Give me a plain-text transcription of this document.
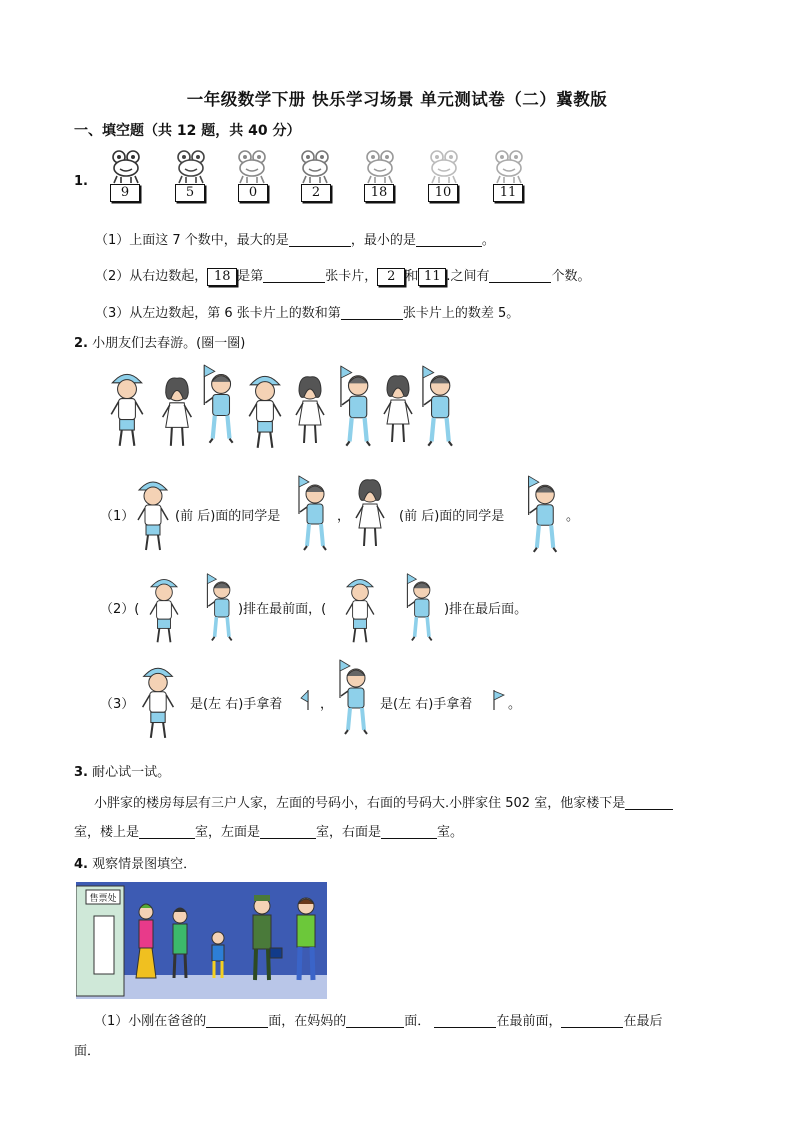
一年级数学下册 快乐学习场景 单元测试卷（二）冀教版
一、填空题（共 12 题，共 40 分）
1.
9	5	0	2	18	10	11
（1）上面这 7 个数中，最大的是	，最小的是	。
（2）从右边数起， 18 是第	张卡片， 2 和 11 .之间有	个数。
（3）从左边数起，第 6 张卡片上的数和第	张卡片上的数差 5。
2. 小朋友们去春游。(圈一圈)
（1）	(前 后)面的同学是	，	(前 后)面的同学是	。
（2）(	)排在最前面，(	)排在最后面。
（3）	是(左 右)手拿着	，	是(左 右)手拿着	。
3. 耐心试一试。
小胖家的楼房每层有三户人家，左面的号码小，右面的号码大.小胖家住 502 室，他家楼下是
室，楼上是	室，左面是	室，右面是	室。
4. 观察情景图填空．
售票处
（1）小刚在爸爸的	面，在妈妈的	面．	在最前面，	在最后
面．
